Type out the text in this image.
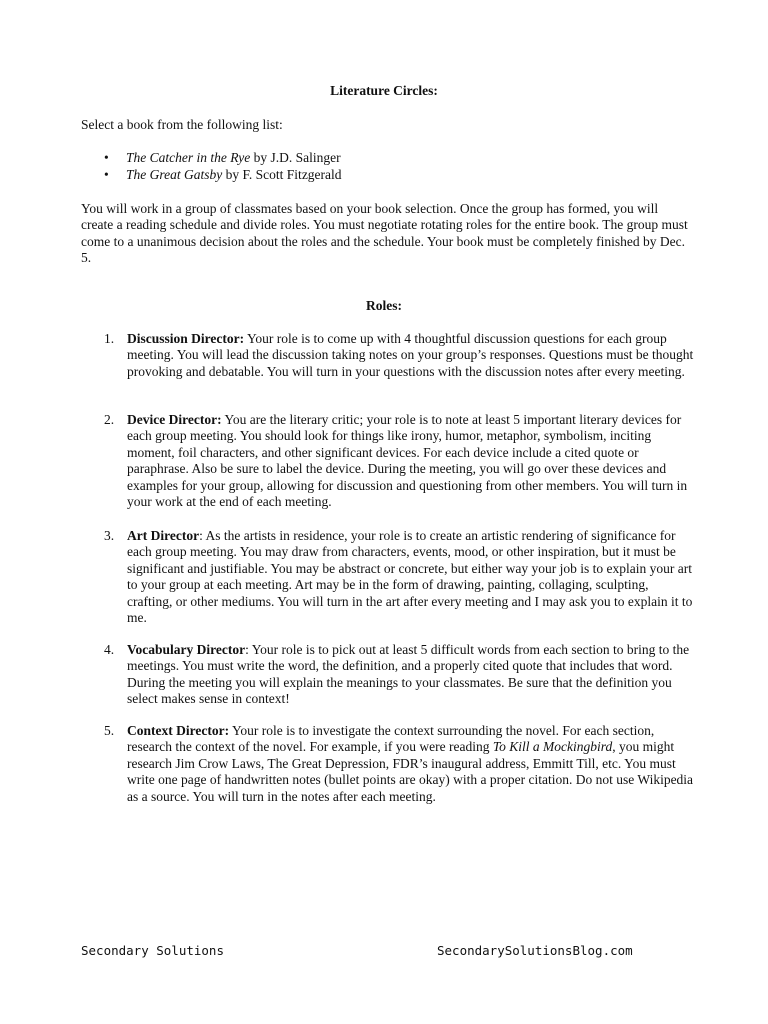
Literature Circles:
Select a book from the following list:
• The Catcher in the Rye by J.D. Salinger
• The Great Gatsby by F. Scott Fitzgerald

You will work in a group of classmates based on your book selection. Once the group has formed, you will create a reading schedule and divide roles. You must negotiate rotating roles for the entire book. The group must come to a unanimous decision about the roles and the schedule. Your book must be completely finished by Dec. 5.

Roles:
1. Discussion Director: Your role is to come up with 4 thoughtful discussion questions for each group meeting. You will lead the discussion taking notes on your group’s responses. Questions must be thought provoking and debatable. You will turn in your questions with the discussion notes after every meeting.
2. Device Director: You are the literary critic; your role is to note at least 5 important literary devices for each group meeting. You should look for things like irony, humor, metaphor, symbolism, inciting moment, foil characters, and other significant devices. For each device include a cited quote or paraphrase. Also be sure to label the device. During the meeting, you will go over these devices and examples for your group, allowing for discussion and questioning from other members. You will turn in your work at the end of each meeting.
3. Art Director: As the artists in residence, your role is to create an artistic rendering of significance for each group meeting. You may draw from characters, events, mood, or other inspiration, but it must be significant and justifiable. You may be abstract or concrete, but either way your job is to explain your art to your group at each meeting. Art may be in the form of drawing, painting, collaging, sculpting, crafting, or other mediums. You will turn in the art after every meeting and I may ask you to explain it to me.
4. Vocabulary Director: Your role is to pick out at least 5 difficult words from each section to bring to the meetings. You must write the word, the definition, and a properly cited quote that includes that word. During the meeting you will explain the meanings to your classmates. Be sure that the definition you select makes sense in context!
5. Context Director: Your role is to investigate the context surrounding the novel. For each section, research the context of the novel. For example, if you were reading To Kill a Mockingbird, you might research Jim Crow Laws, The Great Depression, FDR’s inaugural address, Emmitt Till, etc. You must write one page of handwritten notes (bullet points are okay) with a proper citation. Do not use Wikipedia as a source. You will turn in the notes after each meeting.
Secondary Solutions	SecondarySolutionsBlog.com
